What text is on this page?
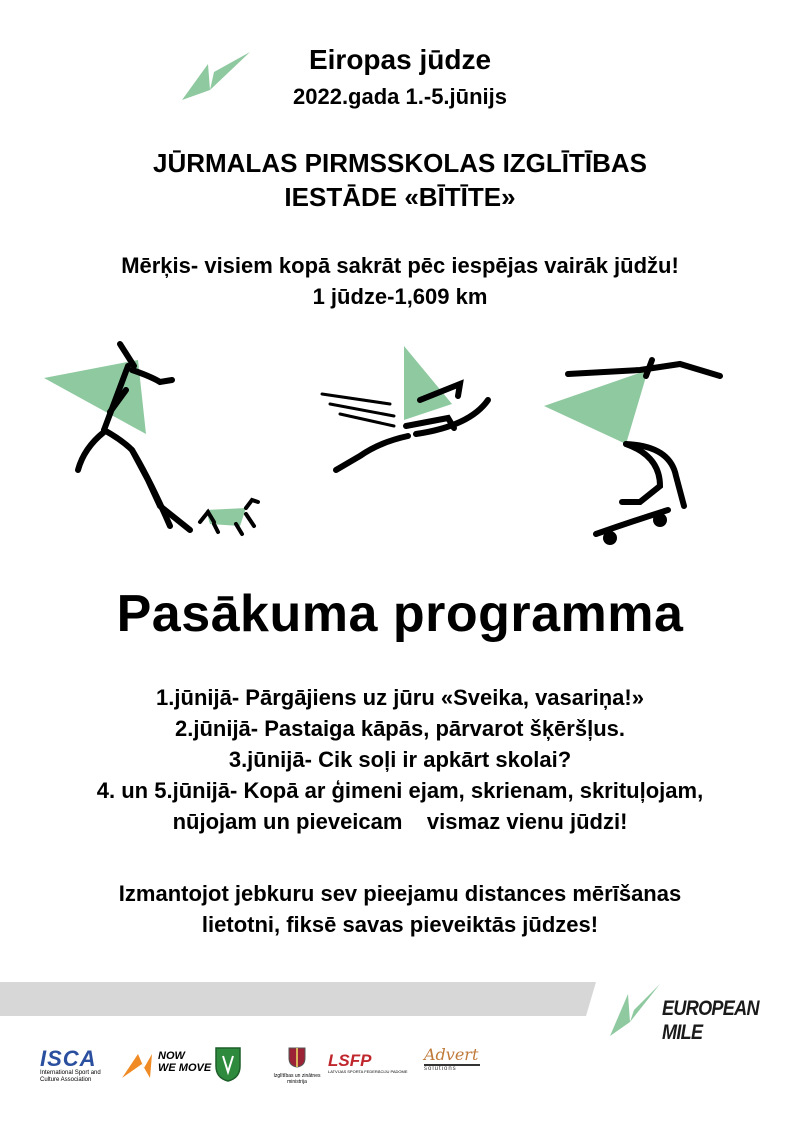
Eiropas jūdze
2022.gada 1.-5.jūnijs
JŪRMALAS PIRMSSKOLAS IZGLĪTĪBAS
IESTĀDE «BĪTĪTE»
Mērķis- visiem kopā sakrāt pēc iespējas vairāk jūdžu!
1 jūdze-1,609 km
Pasākuma programma
1.jūnijā- Pārgājiens uz jūru «Sveika, vasariņa!»
2.jūnijā- Pastaiga kāpās, pārvarot šķēršļus.
3.jūnijā- Cik soļi ir apkārt skolai?
4. un 5.jūnijā- Kopā ar ģimeni ejam, skrienam, skrituļojam,
nūjojam un pieveicam    vismaz vienu jūdzi!
Izmantojot jebkuru sev pieejamu distances mērīšanas
lietotni, fiksē savas pieveiktās jūdzes!
EUROPEAN MILE
ISCA
International Sport and
Culture Association
NOW
WE MOVE
Izglītības un zinātnes
ministrija
LSFP
LATVIJAS SPORTA FEDERĀCIJU PADOME
Advert
solutions
